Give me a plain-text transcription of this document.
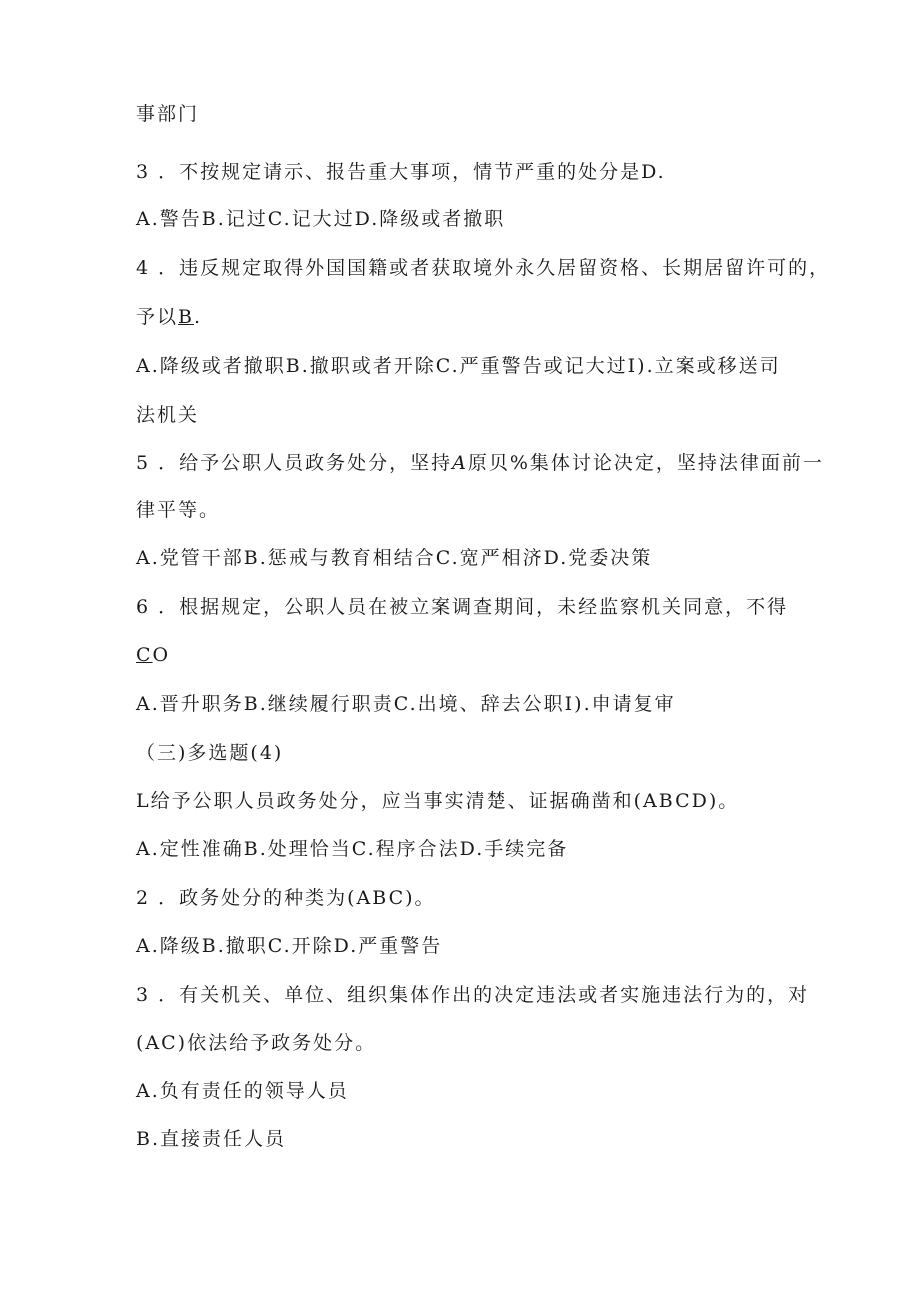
事部门
3 ．不按规定请示、报告重大事项，情节严重的处分是D.
A.警告B.记过C.记大过D.降级或者撤职
4 ．违反规定取得外国国籍或者获取境外永久居留资格、长期居留许可的，
予以B.
A.降级或者撤职B.撤职或者开除C.严重警告或记大过I).立案或移送司
法机关
5 ．给予公职人员政务处分，坚持A原贝%集体讨论决定，坚持法律面前一
律平等。
A.党管干部B.惩戒与教育相结合C.宽严相济D.党委决策
6 ．根据规定，公职人员在被立案调查期间，未经监察机关同意，不得
CO
A.晋升职务B.继续履行职责C.出境、辞去公职I).申请复审
（三)多选题(4)
L给予公职人员政务处分，应当事实清楚、证据确凿和(ABCD)。
A.定性准确B.处理恰当C.程序合法D.手续完备
2 ．政务处分的种类为(ABC)。
A.降级B.撤职C.开除D.严重警告
3 ．有关机关、单位、组织集体作出的决定违法或者实施违法行为的，对
(AC)依法给予政务处分。
A.负有责任的领导人员
B.直接责任人员
